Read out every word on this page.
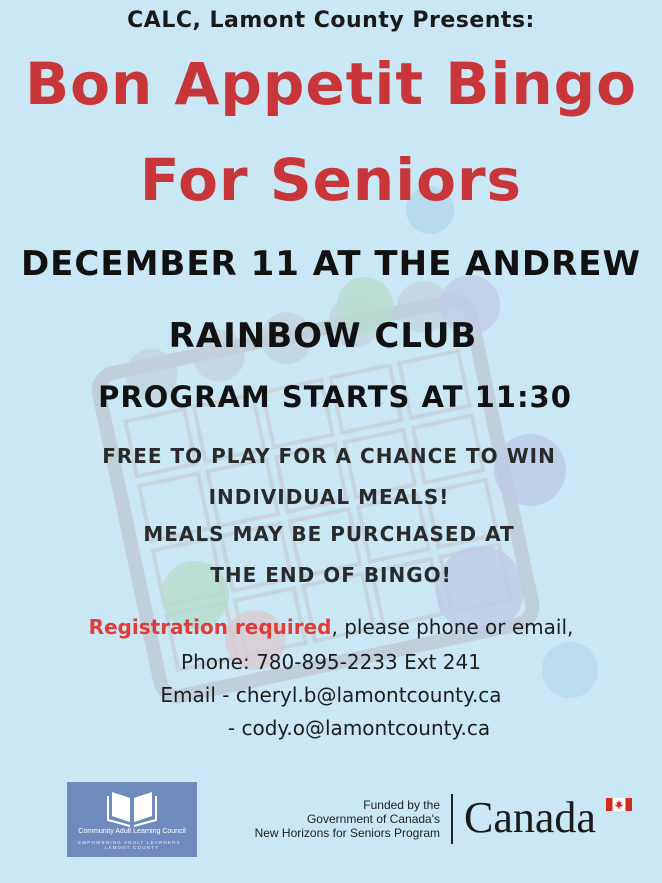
CALC, Lamont County Presents:
Bon Appetit Bingo
For Seniors
DECEMBER 11 AT THE ANDREW
RAINBOW CLUB
PROGRAM STARTS AT 11:30
FREE TO PLAY FOR A CHANCE TO WIN
INDIVIDUAL MEALS!
MEALS MAY BE PURCHASED AT
THE END OF BINGO!
Registration required, please phone or email,
Phone: 780-895-2233 Ext 241
Email - cheryl.b@lamontcounty.ca
- cody.o@lamontcounty.ca
Community Adult Learning Council
EMPOWERING ADULT LEARNERS · LAMONT COUNTY
Funded by the
Government of Canada's
New Horizons for Seniors Program Canada
